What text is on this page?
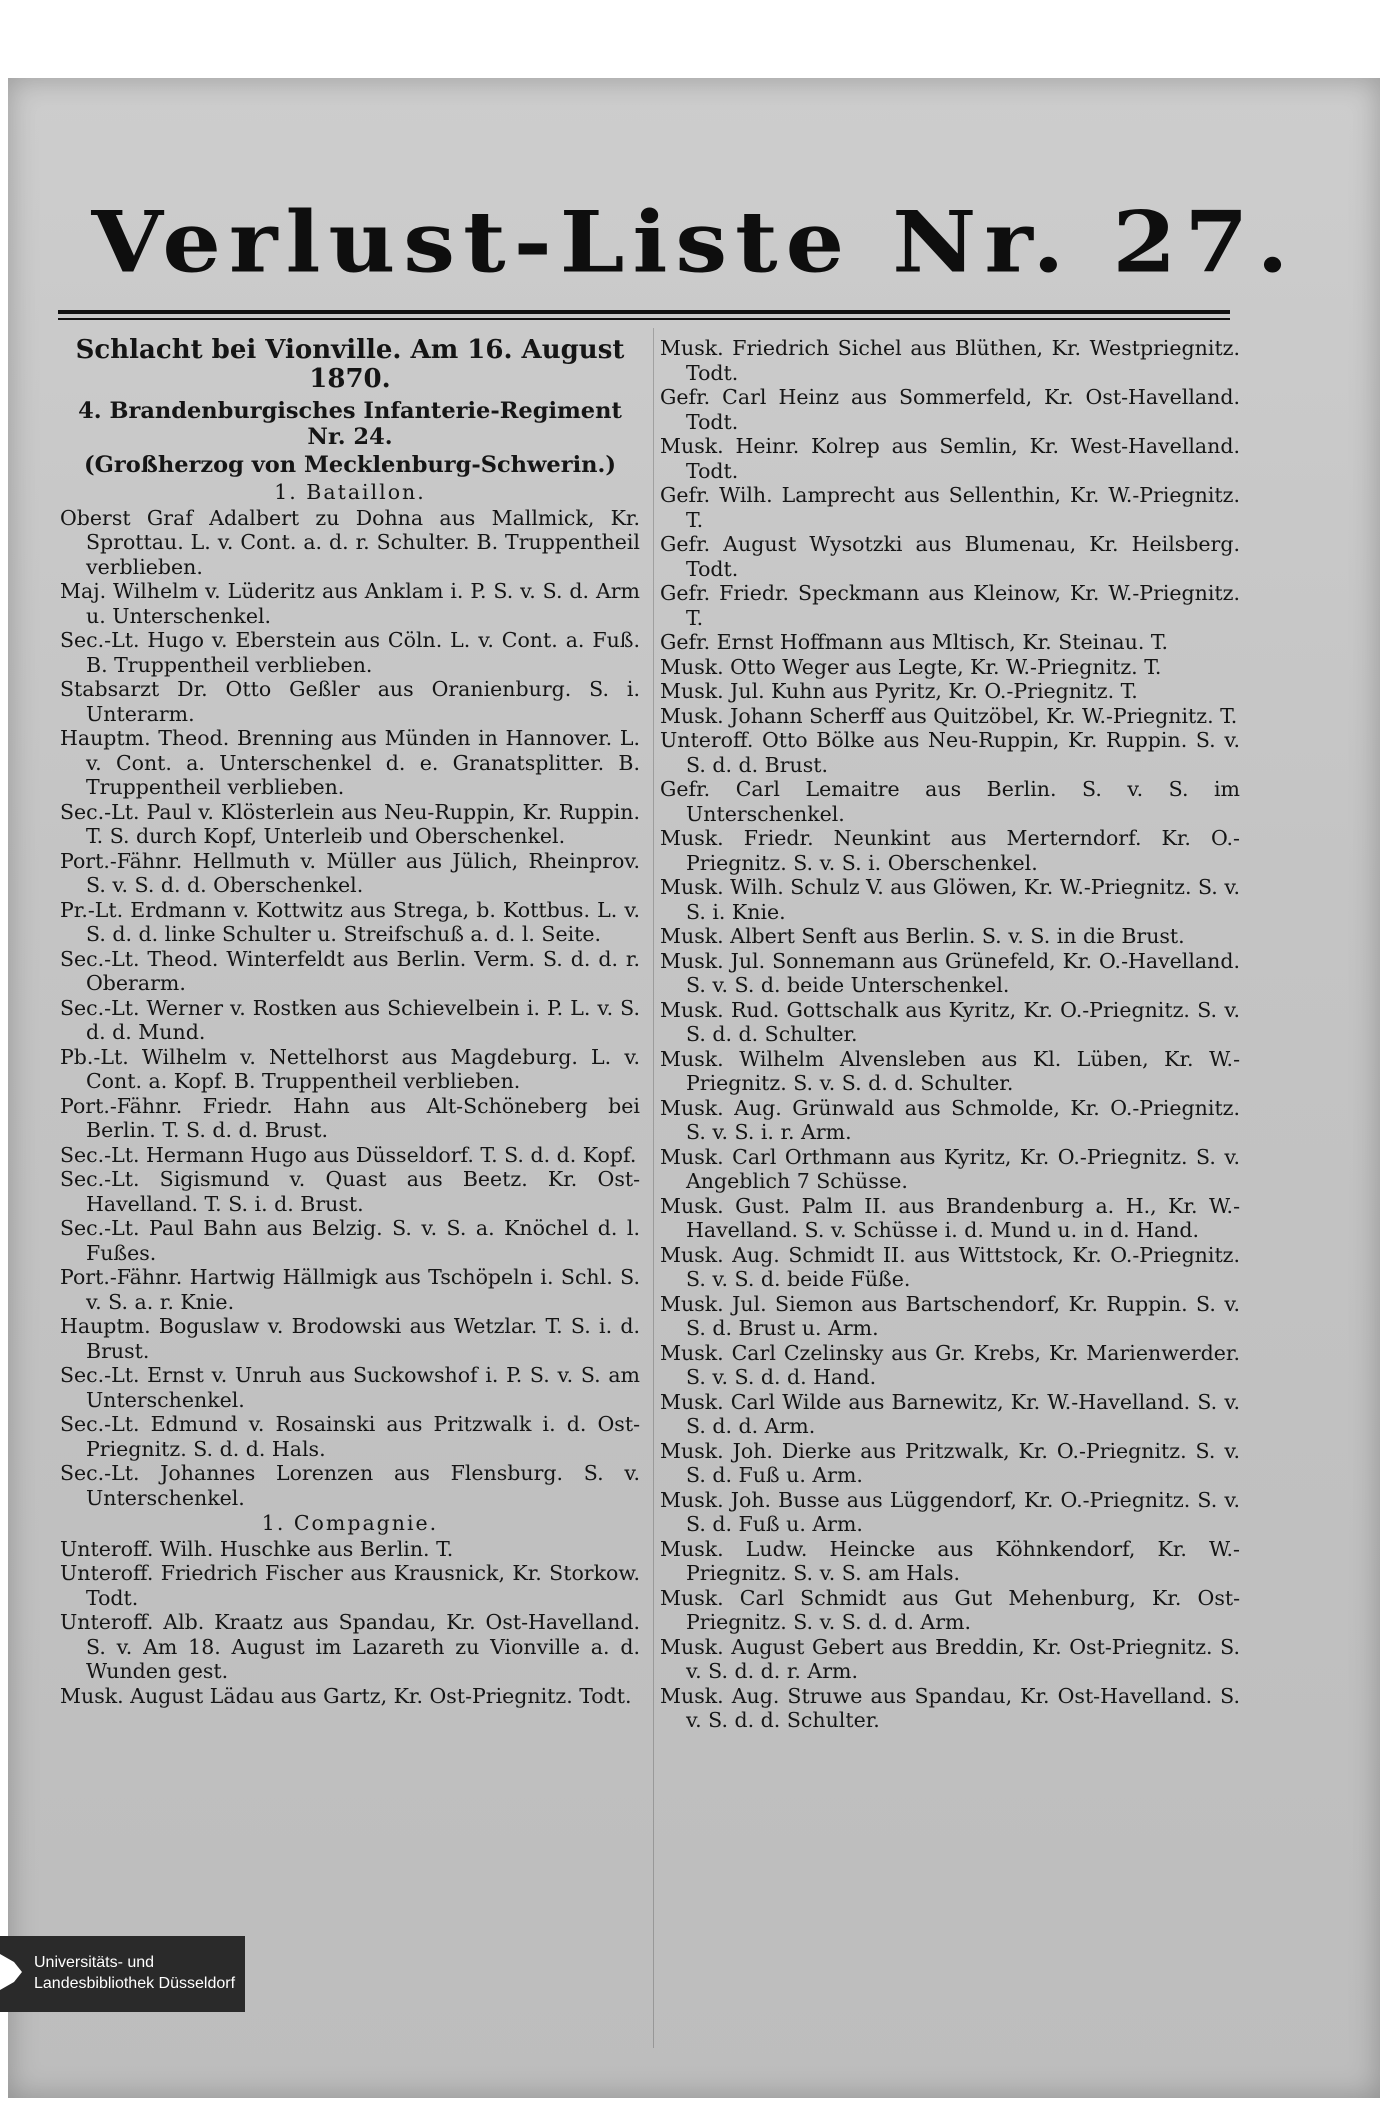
Verlust-Liste Nr. 27.
Schlacht bei Vionville. Am 16. August 1870.
4. Brandenburgisches Infanterie-Regiment Nr. 24.
(Großherzog von Mecklenburg-Schwerin.)
1. Bataillon.
Oberst Graf Adalbert zu Dohna aus Mallmick, Kr. Sprottau. L. v. Cont. a. d. r. Schulter. B. Truppentheil verblieben.
Maj. Wilhelm v. Lüderitz aus Anklam i. P. S. v. S. d. Arm u. Unterschenkel.
Sec.-Lt. Hugo v. Eberstein aus Cöln. L. v. Cont. a. Fuß. B. Truppentheil verblieben.
Stabsarzt Dr. Otto Geßler aus Oranienburg. S. i. Unterarm.
Hauptm. Theod. Brenning aus Münden in Hannover. L. v. Cont. a. Unterschenkel d. e. Granatsplitter. B. Truppentheil verblieben.
Sec.-Lt. Paul v. Klösterlein aus Neu-Ruppin, Kr. Ruppin. T. S. durch Kopf, Unterleib und Oberschenkel.
Port.-Fähnr. Hellmuth v. Müller aus Jülich, Rheinprov. S. v. S. d. d. Oberschenkel.
Pr.-Lt. Erdmann v. Kottwitz aus Strega, b. Kottbus. L. v. S. d. d. linke Schulter u. Streifschuß a. d. l. Seite.
Sec.-Lt. Theod. Winterfeldt aus Berlin. Verm. S. d. d. r. Oberarm.
Sec.-Lt. Werner v. Rostken aus Schievelbein i. P. L. v. S. d. d. Mund.
Pb.-Lt. Wilhelm v. Nettelhorst aus Magdeburg. L. v. Cont. a. Kopf. B. Truppentheil verblieben.
Port.-Fähnr. Friedr. Hahn aus Alt-Schöneberg bei Berlin. T. S. d. d. Brust.
Sec.-Lt. Hermann Hugo aus Düsseldorf. T. S. d. d. Kopf.
Sec.-Lt. Sigismund v. Quast aus Beetz. Kr. Ost-Havelland. T. S. i. d. Brust.
Sec.-Lt. Paul Bahn aus Belzig. S. v. S. a. Knöchel d. l. Fußes.
Port.-Fähnr. Hartwig Hällmigk aus Tschöpeln i. Schl. S. v. S. a. r. Knie.
Hauptm. Boguslaw v. Brodowski aus Wetzlar. T. S. i. d. Brust.
Sec.-Lt. Ernst v. Unruh aus Suckowshof i. P. S. v. S. am Unterschenkel.
Sec.-Lt. Edmund v. Rosainski aus Pritzwalk i. d. Ost-Priegnitz. S. d. d. Hals.
Sec.-Lt. Johannes Lorenzen aus Flensburg. S. v. Unterschenkel.
1. Compagnie.
Unteroff. Wilh. Huschke aus Berlin. T.
Unteroff. Friedrich Fischer aus Krausnick, Kr. Storkow. Todt.
Unteroff. Alb. Kraatz aus Spandau, Kr. Ost-Havelland. S. v. Am 18. August im Lazareth zu Vionville a. d. Wunden gest.
Musk. August Lädau aus Gartz, Kr. Ost-Priegnitz. Todt.
Musk. Friedrich Sichel aus Blüthen, Kr. Westpriegnitz. Todt.
Gefr. Carl Heinz aus Sommerfeld, Kr. Ost-Havelland. Todt.
Musk. Heinr. Kolrep aus Semlin, Kr. West-Havelland. Todt.
Gefr. Wilh. Lamprecht aus Sellenthin, Kr. W.-Priegnitz. T.
Gefr. August Wysotzki aus Blumenau, Kr. Heilsberg. Todt.
Gefr. Friedr. Speckmann aus Kleinow, Kr. W.-Priegnitz. T.
Gefr. Ernst Hoffmann aus Mltisch, Kr. Steinau. T.
Musk. Otto Weger aus Legte, Kr. W.-Priegnitz. T.
Musk. Jul. Kuhn aus Pyritz, Kr. O.-Priegnitz. T.
Musk. Johann Scherff aus Quitzöbel, Kr. W.-Priegnitz. T.
Unteroff. Otto Bölke aus Neu-Ruppin, Kr. Ruppin. S. v. S. d. d. Brust.
Gefr. Carl Lemaitre aus Berlin. S. v. S. im Unterschenkel.
Musk. Friedr. Neunkint aus Merterndorf. Kr. O.-Priegnitz. S. v. S. i. Oberschenkel.
Musk. Wilh. Schulz V. aus Glöwen, Kr. W.-Priegnitz. S. v. S. i. Knie.
Musk. Albert Senft aus Berlin. S. v. S. in die Brust.
Musk. Jul. Sonnemann aus Grünefeld, Kr. O.-Havelland. S. v. S. d. beide Unterschenkel.
Musk. Rud. Gottschalk aus Kyritz, Kr. O.-Priegnitz. S. v. S. d. d. Schulter.
Musk. Wilhelm Alvensleben aus Kl. Lüben, Kr. W.-Priegnitz. S. v. S. d. d. Schulter.
Musk. Aug. Grünwald aus Schmolde, Kr. O.-Priegnitz. S. v. S. i. r. Arm.
Musk. Carl Orthmann aus Kyritz, Kr. O.-Priegnitz. S. v. Angeblich 7 Schüsse.
Musk. Gust. Palm II. aus Brandenburg a. H., Kr. W.-Havelland. S. v. Schüsse i. d. Mund u. in d. Hand.
Musk. Aug. Schmidt II. aus Wittstock, Kr. O.-Priegnitz. S. v. S. d. beide Füße.
Musk. Jul. Siemon aus Bartschendorf, Kr. Ruppin. S. v. S. d. Brust u. Arm.
Musk. Carl Czelinsky aus Gr. Krebs, Kr. Marienwerder. S. v. S. d. d. Hand.
Musk. Carl Wilde aus Barnewitz, Kr. W.-Havelland. S. v. S. d. d. Arm.
Musk. Joh. Dierke aus Pritzwalk, Kr. O.-Priegnitz. S. v. S. d. Fuß u. Arm.
Musk. Joh. Busse aus Lüggendorf, Kr. O.-Priegnitz. S. v. S. d. Fuß u. Arm.
Musk. Ludw. Heincke aus Köhnkendorf, Kr. W.-Priegnitz. S. v. S. am Hals.
Musk. Carl Schmidt aus Gut Mehenburg, Kr. Ost-Priegnitz. S. v. S. d. d. Arm.
Musk. August Gebert aus Breddin, Kr. Ost-Priegnitz. S. v. S. d. d. r. Arm.
Musk. Aug. Struwe aus Spandau, Kr. Ost-Havelland. S. v. S. d. d. Schulter.
Universitäts- und
Landesbibliothek Düsseldorf
